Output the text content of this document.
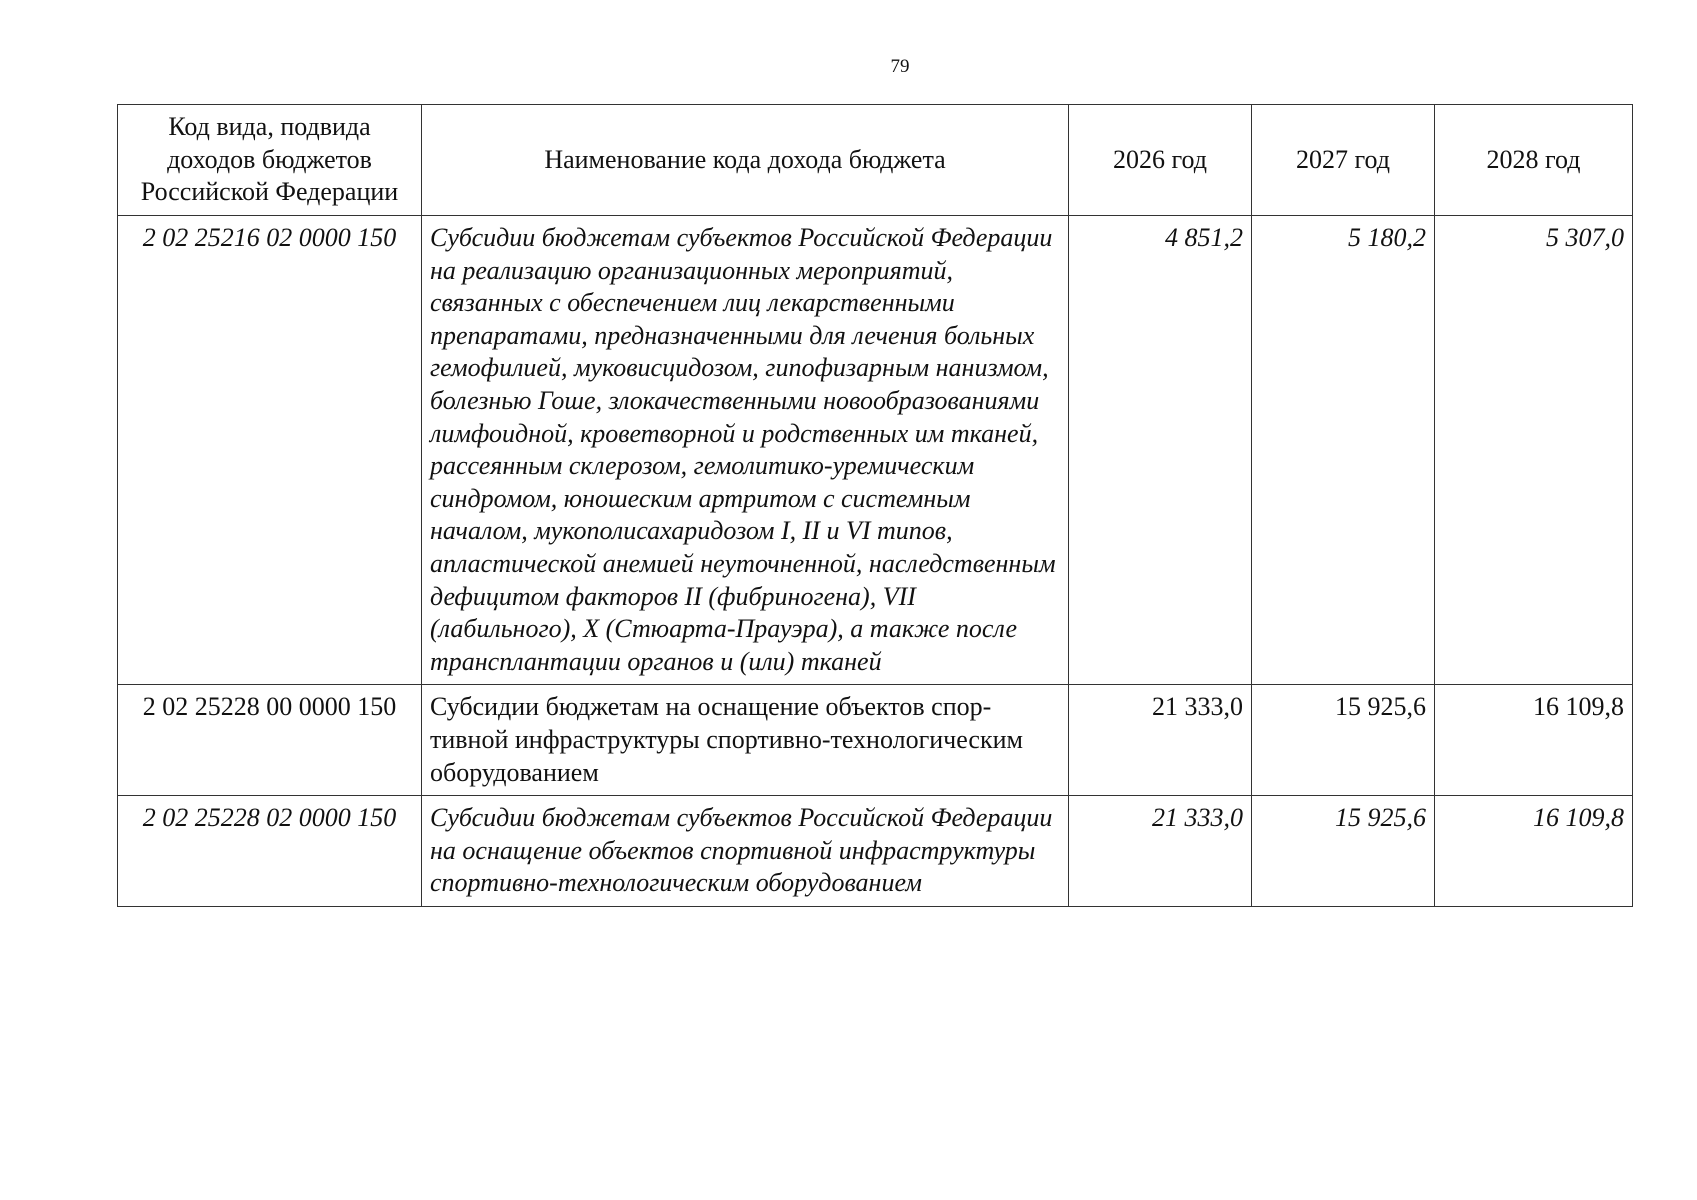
79
Код вида, подвида доходов бюджетов Российской Федерации	Наименование кода дохода бюджета	2026 год	2027 год	2028 год
2 02 25216 02 0000 150	Субсидии бюджетам субъектов Российской Федерации на реализацию организационных мероприятий, связанных с обеспечением лиц лекарственными препаратами, предназначенными для лечения больных гемофилией, муковисцидозом, гипофизарным нанизмом, болезнью Гоше, злокачественными новообразованиями лимфоидной, кроветворной и родственных им тканей, рассеянным склерозом, гемолитико-уремическим синдромом, юношеским артритом с системным началом, мукополисахаридозом I, II и VI типов, апластической анемией неуточненной, наследственным дефицитом факторов II (фибриногена), VII (лабильного), X (Стюарта-Прауэра), а также после трансплантации органов и (или) тканей	4 851,2	5 180,2	5 307,0
2 02 25228 00 0000 150	Субсидии бюджетам на оснащение объектов спортивной инфраструктуры спортивно-технологическим оборудованием	21 333,0	15 925,6	16 109,8
2 02 25228 02 0000 150	Субсидии бюджетам субъектов Российской Федерации на оснащение объектов спортивной инфраструктуры спортивно-технологическим оборудованием	21 333,0	15 925,6	16 109,8
